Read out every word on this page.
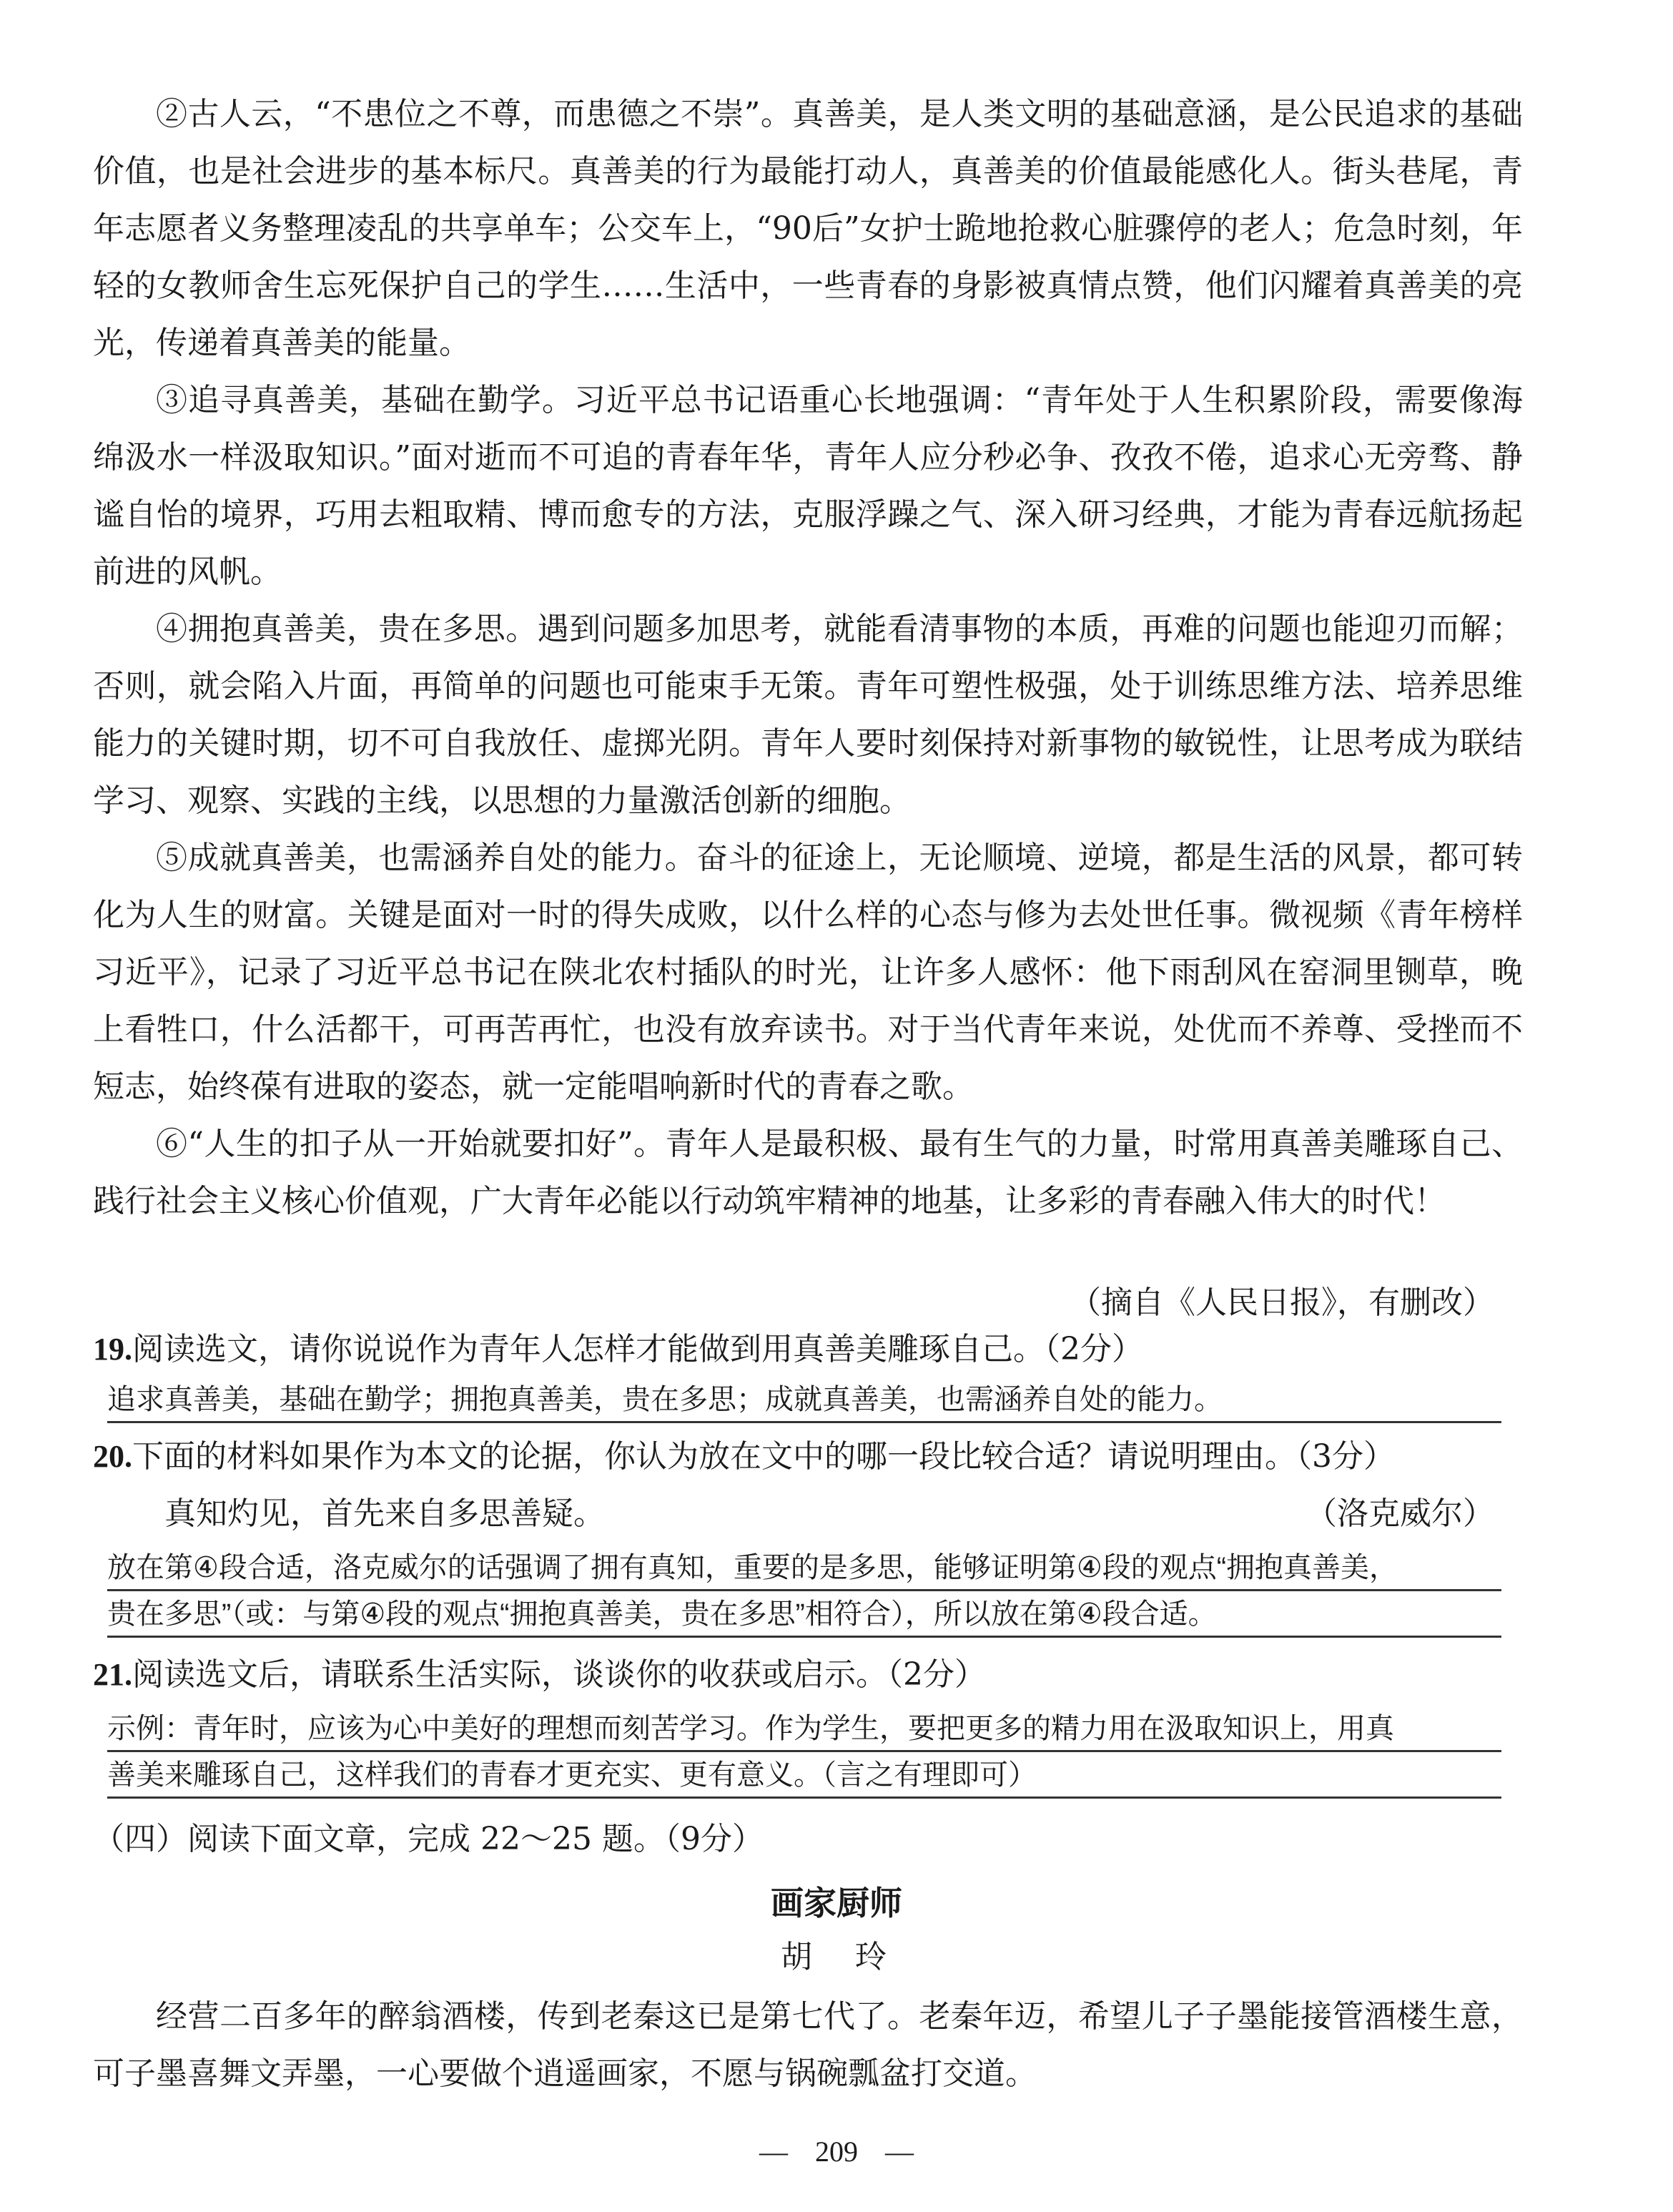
②古人云，“不患位之不尊，而患德之不崇”。真善美，是人类文明的基础意涵，是公民追求的基础价值，也是社会进步的基本标尺。真善美的行为最能打动人，真善美的价值最能感化人。街头巷尾，青年志愿者义务整理凌乱的共享单车；公交车上，“90后”女护士跪地抢救心脏骤停的老人；危急时刻，年轻的女教师舍生忘死保护自己的学生……生活中，一些青春的身影被真情点赞，他们闪耀着真善美的亮光，传递着真善美的能量。

③追寻真善美，基础在勤学。习近平总书记语重心长地强调：“青年处于人生积累阶段，需要像海绵汲水一样汲取知识。”面对逝而不可追的青春年华，青年人应分秒必争、孜孜不倦，追求心无旁骛、静谧自怡的境界，巧用去粗取精、博而愈专的方法，克服浮躁之气、深入研习经典，才能为青春远航扬起前进的风帆。

④拥抱真善美，贵在多思。遇到问题多加思考，就能看清事物的本质，再难的问题也能迎刃而解；否则，就会陷入片面，再简单的问题也可能束手无策。青年可塑性极强，处于训练思维方法、培养思维能力的关键时期，切不可自我放任、虚掷光阴。青年人要时刻保持对新事物的敏锐性，让思考成为联结学习、观察、实践的主线，以思想的力量激活创新的细胞。

⑤成就真善美，也需涵养自处的能力。奋斗的征途上，无论顺境、逆境，都是生活的风景，都可转化为人生的财富。关键是面对一时的得失成败，以什么样的心态与修为去处世任事。微视频《青年榜样习近平》，记录了习近平总书记在陕北农村插队的时光，让许多人感怀：他下雨刮风在窑洞里铡草，晚上看牲口，什么活都干，可再苦再忙，也没有放弃读书。对于当代青年来说，处优而不养尊、受挫而不短志，始终葆有进取的姿态，就一定能唱响新时代的青春之歌。

⑥“人生的扣子从一开始就要扣好”。青年人是最积极、最有生气的力量，时常用真善美雕琢自己、践行社会主义核心价值观，广大青年必能以行动筑牢精神的地基，让多彩的青春融入伟大的时代！

（摘自《人民日报》，有删改）

19.阅读选文，请你说说作为青年人怎样才能做到用真善美雕琢自己。（2分）

追求真善美，基础在勤学；拥抱真善美，贵在多思；成就真善美，也需涵养自处的能力。

20.下面的材料如果作为本文的论据，你认为放在文中的哪一段比较合适？请说明理由。（3分）

真知灼见，首先来自多思善疑。	（洛克威尔）

放在第④段合适，洛克威尔的话强调了拥有真知，重要的是多思，能够证明第④段的观点“拥抱真善美，
贵在多思”（或：与第④段的观点“拥抱真善美，贵在多思”相符合），所以放在第④段合适。

21.阅读选文后，请联系生活实际，谈谈你的收获或启示。（2分）

示例：青年时，应该为心中美好的理想而刻苦学习。作为学生，要把更多的精力用在汲取知识上，用真
善美来雕琢自己，这样我们的青春才更充实、更有意义。（言之有理即可）

（四）阅读下面文章，完成 22～25 题。（9分）

画家厨师

胡　玲

经营二百多年的醉翁酒楼，传到老秦这已是第七代了。老秦年迈，希望儿子子墨能接管酒楼生意，可子墨喜舞文弄墨，一心要做个逍遥画家，不愿与锅碗瓢盆打交道。

— 209 —
